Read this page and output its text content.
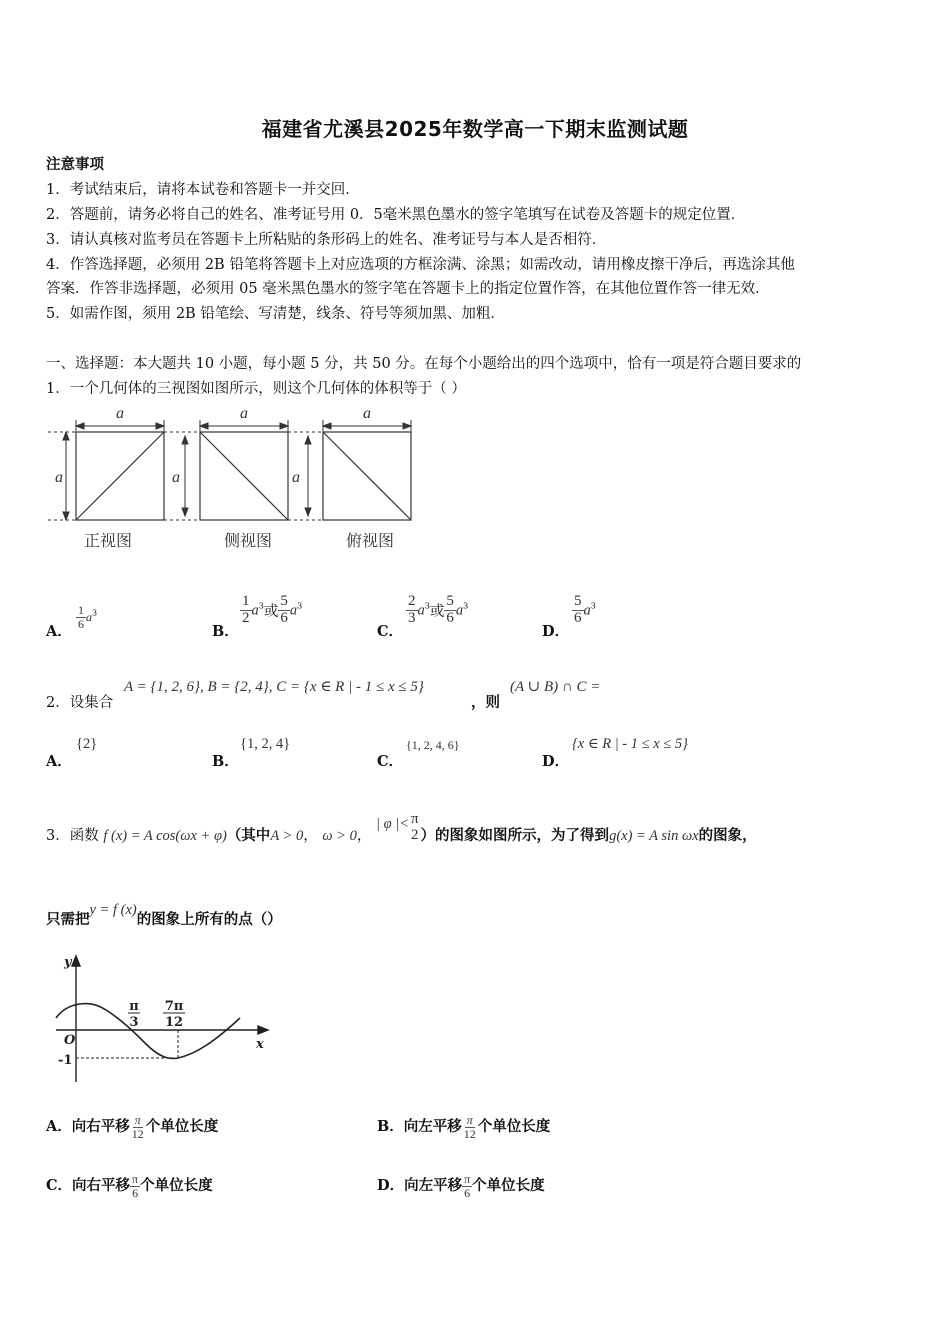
福建省尤溪县2025年数学高一下期末监测试题
注意事项
1．考试结束后，请将本试卷和答题卡一并交回．
2．答题前，请务必将自己的姓名、准考证号用 0．5毫米黑色墨水的签字笔填写在试卷及答题卡的规定位置．
3．请认真核对监考员在答题卡上所粘贴的条形码上的姓名、准考证号与本人是否相符．
4．作答选择题，必须用 2B 铅笔将答题卡上对应选项的方框涂满、涂黑；如需改动，请用橡皮擦干净后，再选涂其他
答案．作答非选择题，必须用 05 毫米黑色墨水的签字笔在答题卡上的指定位置作答，在其他位置作答一律无效．
5．如需作图，须用 2B 铅笔绘、写清楚，线条、符号等须加黑、加粗．
一、选择题：本大题共 10 小题，每小题 5 分，共 50 分。在每个小题给出的四个选项中，恰有一项是符合题目要求的
1．一个几何体的三视图如图所示，则这个几何体的体积等于（ ）
a	a	a
a	a	a
正视图	侧视图	俯视图
A．
$\frac{1}{6} a^3$
B．
$\frac{1}{2} a^3$或 $\frac{5}{6} a^3$
C．
$\frac{2}{3} a^3$或 $\frac{5}{6} a^3$
D．
$\frac{5}{6} a^3$
2．设集合
A = {1, 2, 6}, B = {2, 4}, C = {x ∈ R | - 1 ≤ x ≤ 5}
，则
(A ∪ B) ∩ C =
A．
{2}
B．
{1, 2, 4}
C．
{1, 2, 4, 6}
D．
{x ∈ R | - 1 ≤ x ≤ 5}
3．函数 f (x) = A cos(ωx + φ)（其中A > 0， ω > 0， | φ |< π
2 ）的图象如图所示，为了得到g(x) = A sin ωx的图象，
只需把y = f (x)的图象上所有的点（）
y
x
O
-1
π
3
7π
12
A．向右平移 $\frac{\pi}{12}$ 个单位长度	B．向左平移 $\frac{\pi}{12}$ 个单位长度
C．向右平移 $\frac{\pi}{6}$ 个单位长度	D．向左平移 $\frac{\pi}{6}$ 个单位长度
